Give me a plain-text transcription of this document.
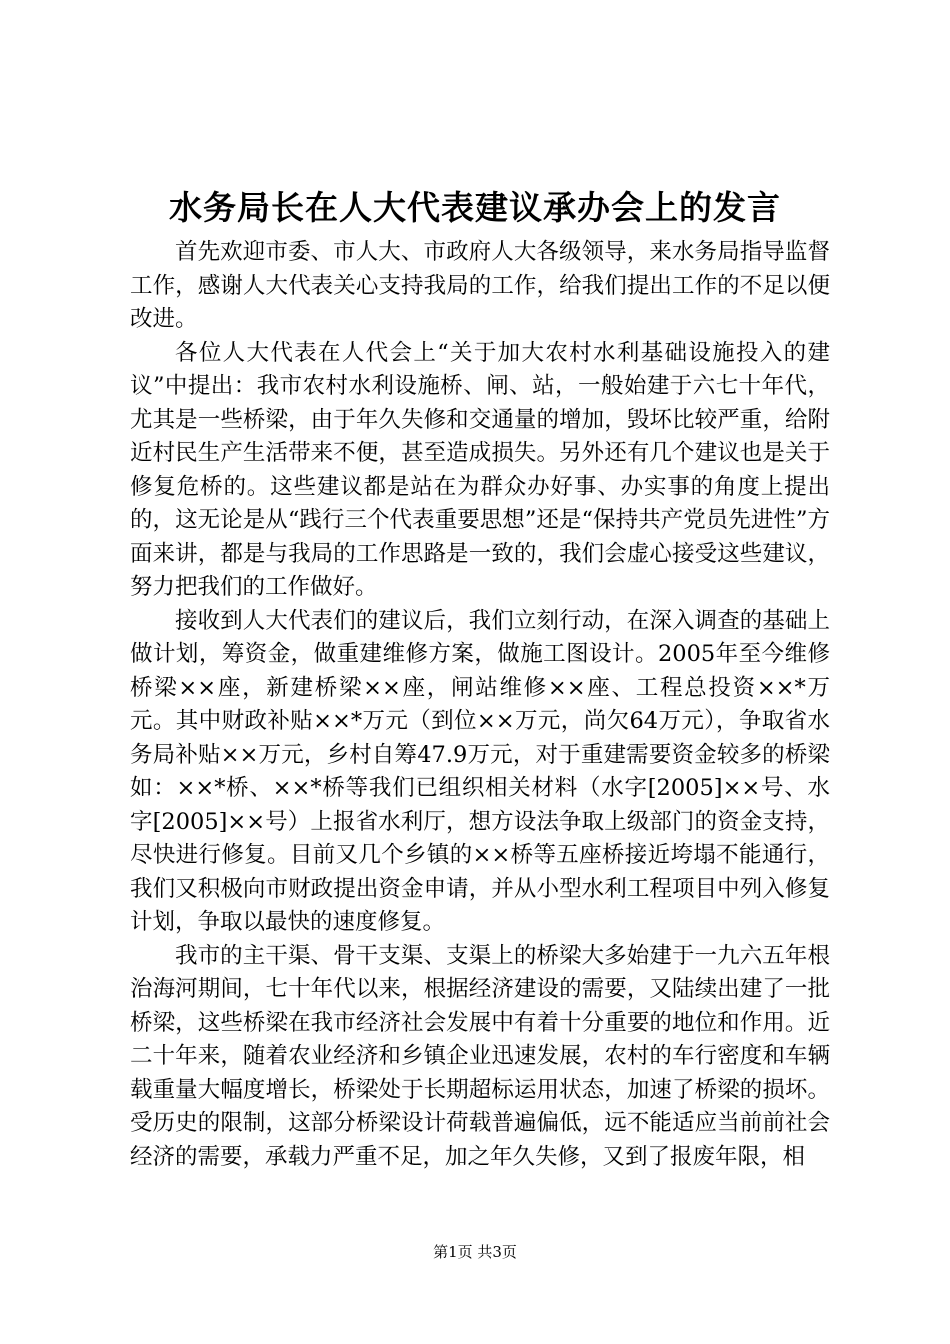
水务局长在人大代表建议承办会上的发言

首先欢迎市委、市人大、市政府人大各级领导，来水务局指导监督工作，感谢人大代表关心支持我局的工作，给我们提出工作的不足以便改进。

各位人大代表在人代会上“关于加大农村水利基础设施投入的建议”中提出：我市农村水利设施桥、闸、站，一般始建于六七十年代，尤其是一些桥梁，由于年久失修和交通量的增加，毁坏比较严重，给附近村民生产生活带来不便，甚至造成损失。另外还有几个建议也是关于修复危桥的。这些建议都是站在为群众办好事、办实事的角度上提出的，这无论是从“践行三个代表重要思想”还是“保持共产党员先进性”方面来讲，都是与我局的工作思路是一致的，我们会虚心接受这些建议，努力把我们的工作做好。

接收到人大代表们的建议后，我们立刻行动，在深入调查的基础上做计划，筹资金，做重建维修方案，做施工图设计。2005年至今维修桥梁××座，新建桥梁××座，闸站维修××座、工程总投资××*万元。其中财政补贴××*万元（到位××万元，尚欠64万元），争取省水务局补贴××万元，乡村自筹47.9万元，对于重建需要资金较多的桥梁如：××*桥、××*桥等我们已组织相关材料（水字[2005]××号、水字[2005]××号）上报省水利厅，想方设法争取上级部门的资金支持，尽快进行修复。目前又几个乡镇的××桥等五座桥接近垮塌不能通行，我们又积极向市财政提出资金申请，并从小型水利工程项目中列入修复计划，争取以最快的速度修复。

我市的主干渠、骨干支渠、支渠上的桥梁大多始建于一九六五年根治海河期间，七十年代以来，根据经济建设的需要，又陆续出建了一批桥梁，这些桥梁在我市经济社会发展中有着十分重要的地位和作用。近二十年来，随着农业经济和乡镇企业迅速发展，农村的车行密度和车辆载重量大幅度增长，桥梁处于长期超标运用状态，加速了桥梁的损坏。受历史的限制，这部分桥梁设计荷载普遍偏低，远不能适应当前前社会经济的需要，承载力严重不足，加之年久失修，又到了报废年限，相

第1页 共3页
